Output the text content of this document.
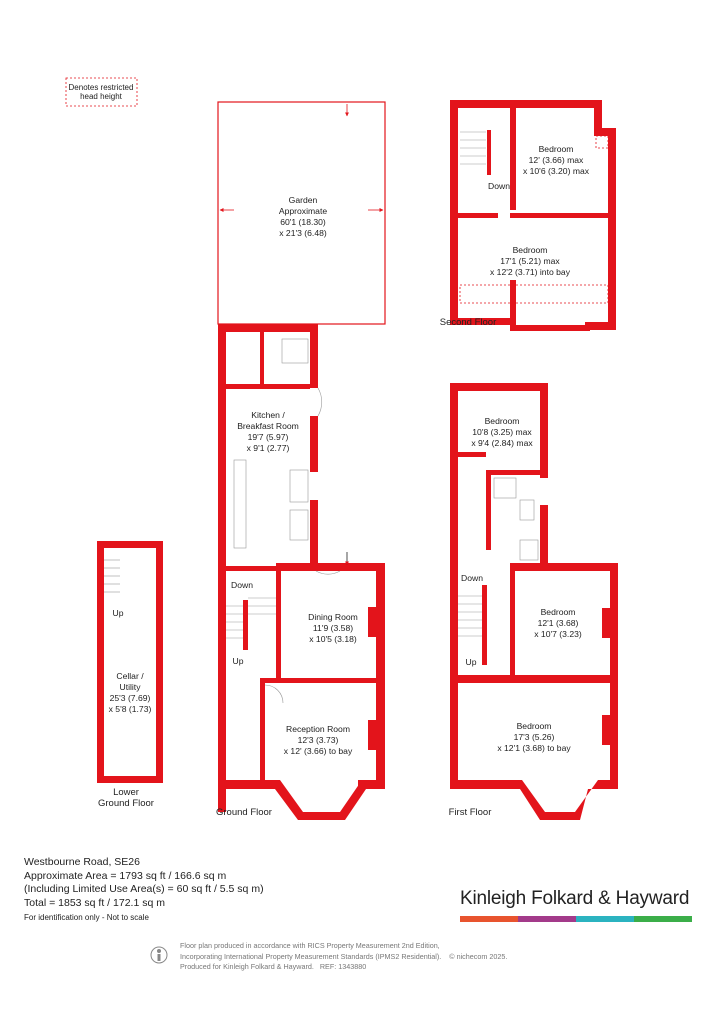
Denotes restricted
head height
Garden
Approximate
60'1 (18.30)
x 21'3 (6.48)
Kitchen /
Breakfast Room
19'7 (5.97)
x 9'1 (2.77)
Down
Up
Dining Room
11'9 (3.58)
x 10'5 (3.18)
Reception Room
12'3 (3.73)
x 12' (3.66) to bay
Ground Floor
Up
Cellar /
Utility
25'3 (7.69)
x 5'8 (1.73)
Lower
Ground Floor
Bedroom
10'8 (3.25) max
x 9'4 (2.84) max
Down
Up
Bedroom
12'1 (3.68)
x 10'7 (3.23)
Bedroom
17'3 (5.26)
x 12'1 (3.68) to bay
First Floor
Bedroom
12' (3.66) max
x 10'6 (3.20) max
Down
Bedroom
17'1 (5.21) max
x 12'2 (3.71) into bay
Second Floor
Westbourne Road, SE26
Approximate Area = 1793 sq ft / 166.6 sq m
(Including Limited Use Area(s) = 60 sq ft / 5.5 sq m)
Total = 1853 sq ft / 172.1 sq m
For identification only - Not to scale
Kinleigh Folkard & Hayward
Floor plan produced in accordance with RICS Property Measurement 2nd Edition,
Incorporating International Property Measurement Standards (IPMS2 Residential). © nichecom 2025.
Produced for Kinleigh Folkard & Hayward. REF: 1343880
